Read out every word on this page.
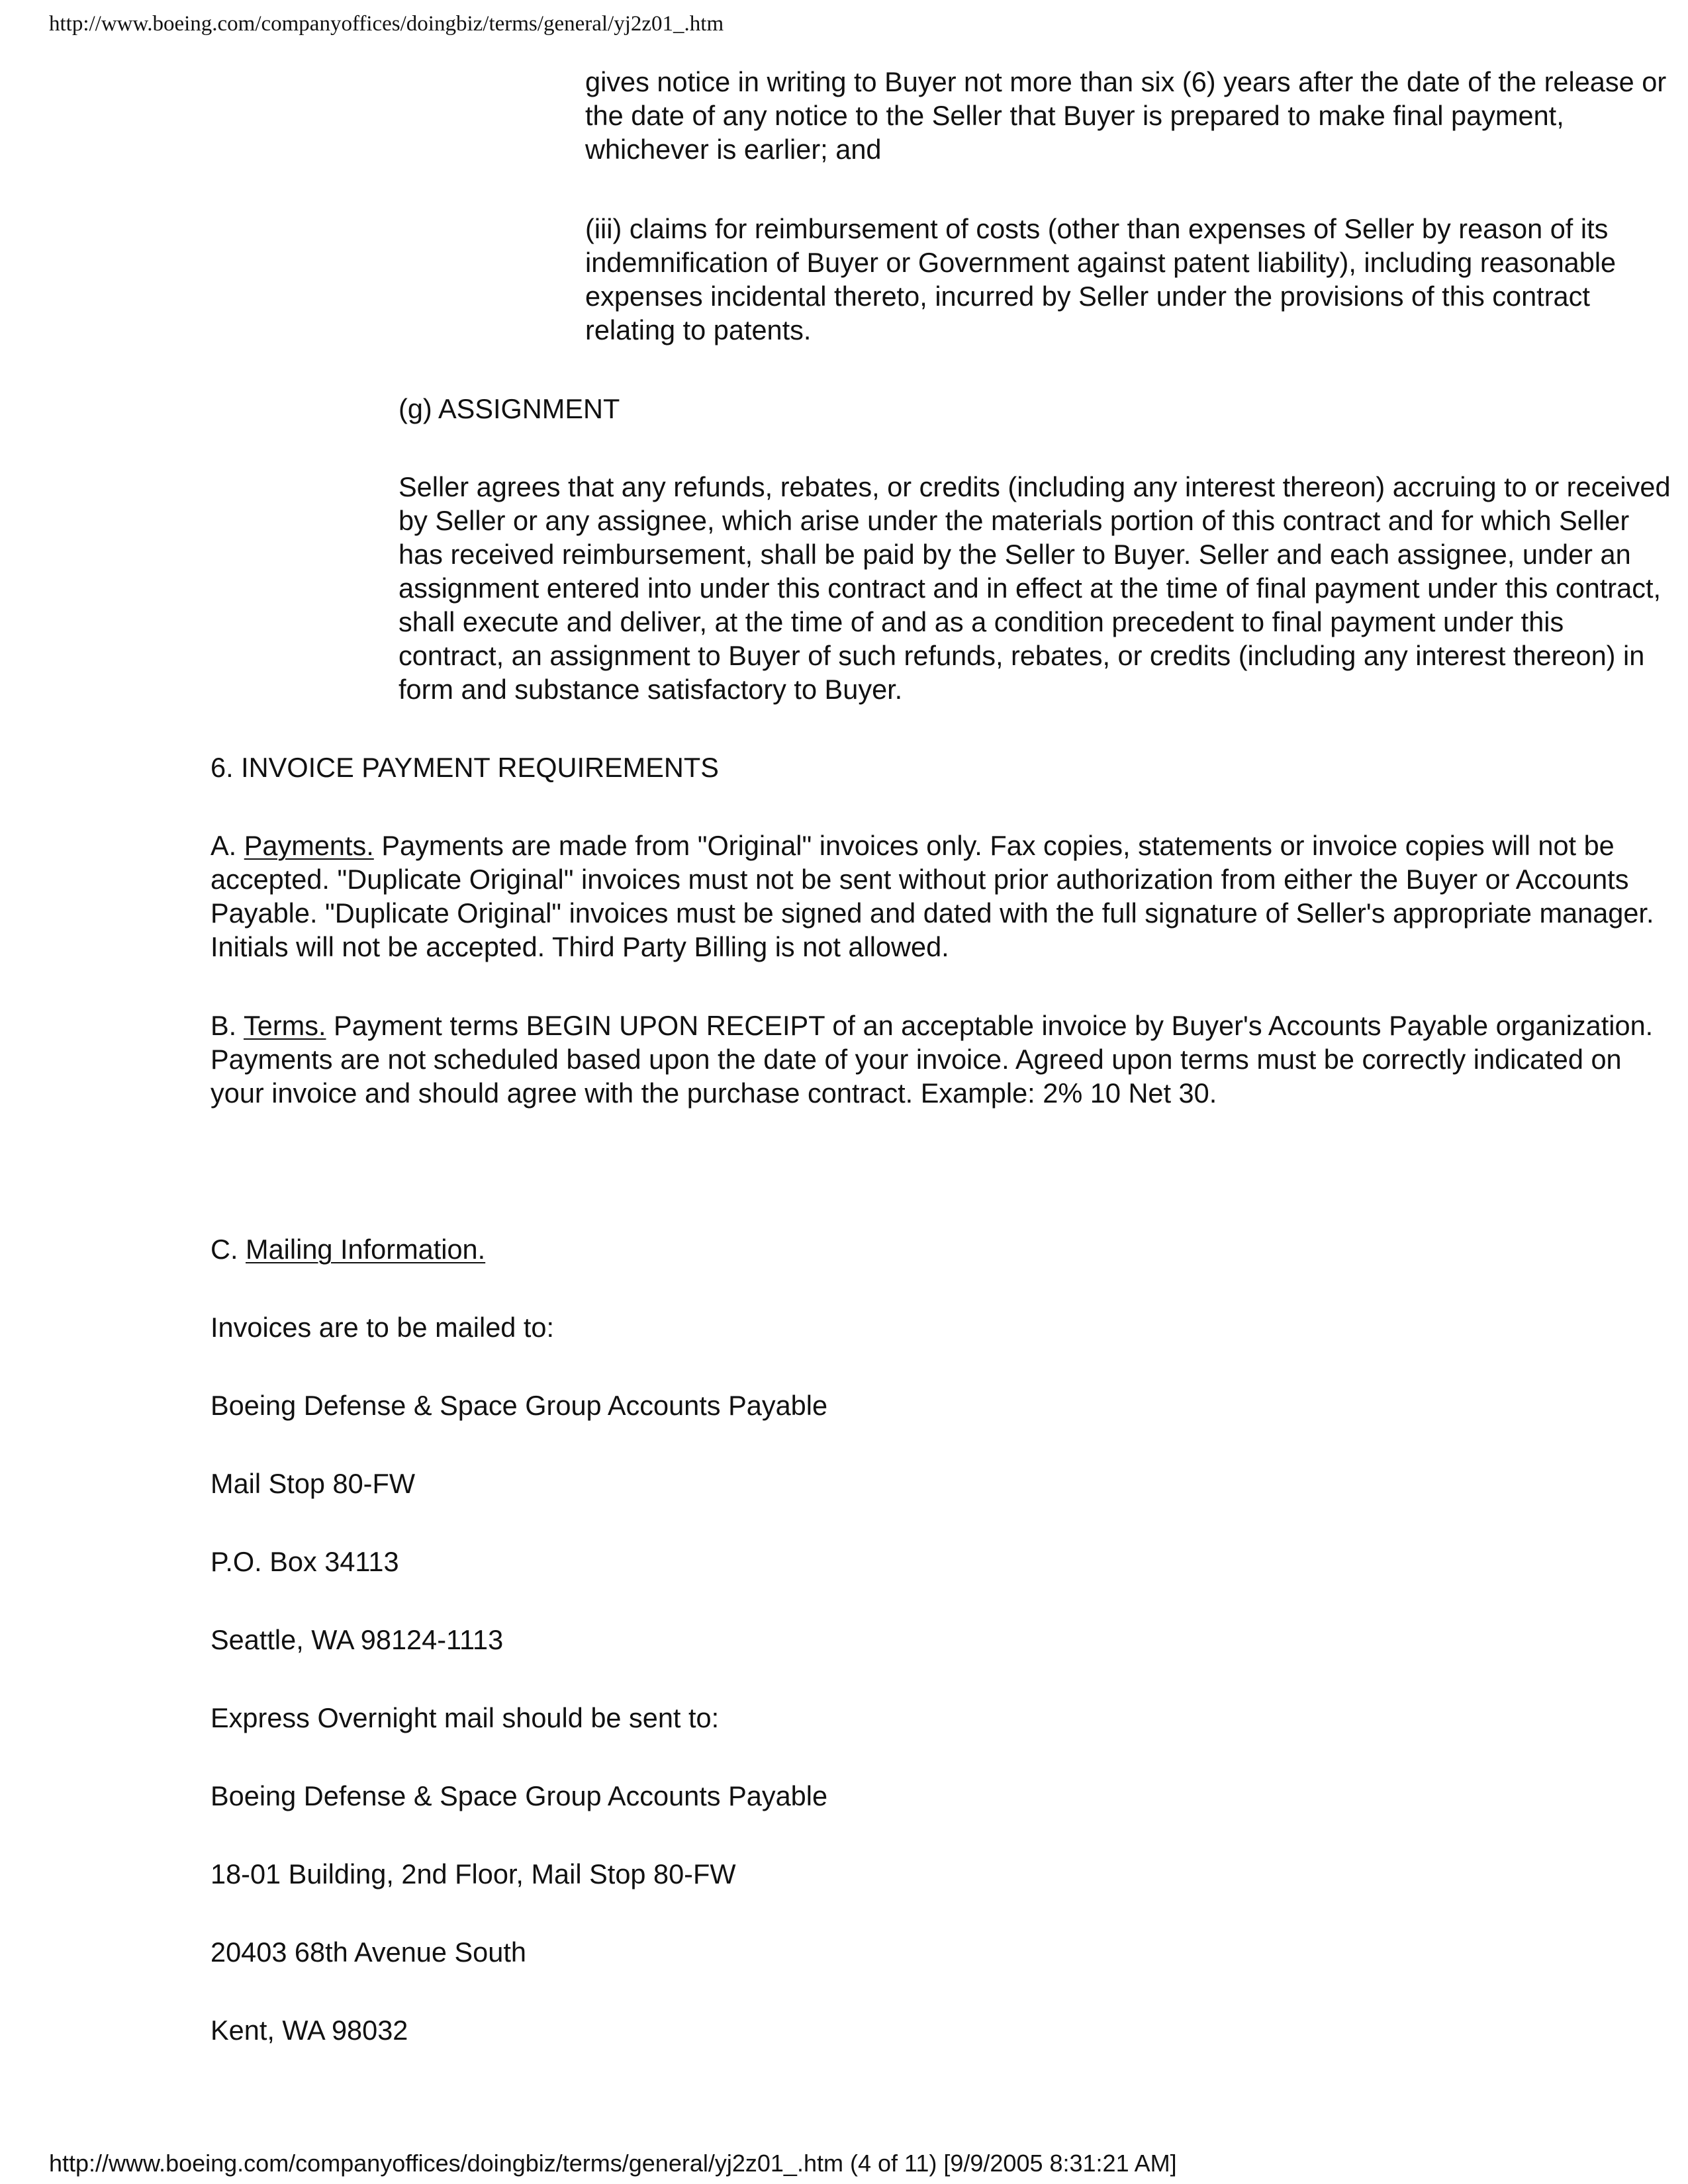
http://www.boeing.com/companyoffices/doingbiz/terms/general/yj2z01_.htm

gives notice in writing to Buyer not more than six (6) years after the date of the release or the date of any notice to the Seller that Buyer is prepared to make final payment, whichever is earlier; and

(iii) claims for reimbursement of costs (other than expenses of Seller by reason of its indemnification of Buyer or Government against patent liability), including reasonable expenses incidental thereto, incurred by Seller under the provisions of this contract relating to patents.

(g) ASSIGNMENT

Seller agrees that any refunds, rebates, or credits (including any interest thereon) accruing to or received by Seller or any assignee, which arise under the materials portion of this contract and for which Seller has received reimbursement, shall be paid by the Seller to Buyer. Seller and each assignee, under an assignment entered into under this contract and in effect at the time of final payment under this contract, shall execute and deliver, at the time of and as a condition precedent to final payment under this contract, an assignment to Buyer of such refunds, rebates, or credits (including any interest thereon) in form and substance satisfactory to Buyer.

6. INVOICE PAYMENT REQUIREMENTS

A. Payments. Payments are made from "Original" invoices only. Fax copies, statements or invoice copies will not be accepted. "Duplicate Original" invoices must not be sent without prior authorization from either the Buyer or Accounts Payable. "Duplicate Original" invoices must be signed and dated with the full signature of Seller's appropriate manager. Initials will not be accepted. Third Party Billing is not allowed.

B. Terms. Payment terms BEGIN UPON RECEIPT of an acceptable invoice by Buyer's Accounts Payable organization. Payments are not scheduled based upon the date of your invoice. Agreed upon terms must be correctly indicated on your invoice and should agree with the purchase contract. Example: 2% 10 Net 30.

C. Mailing Information.

Invoices are to be mailed to:

Boeing Defense & Space Group Accounts Payable

Mail Stop 80-FW

P.O. Box 34113

Seattle, WA 98124-1113

Express Overnight mail should be sent to:

Boeing Defense & Space Group Accounts Payable

18-01 Building, 2nd Floor, Mail Stop 80-FW

20403 68th Avenue South

Kent, WA 98032

http://www.boeing.com/companyoffices/doingbiz/terms/general/yj2z01_.htm (4 of 11) [9/9/2005 8:31:21 AM]
